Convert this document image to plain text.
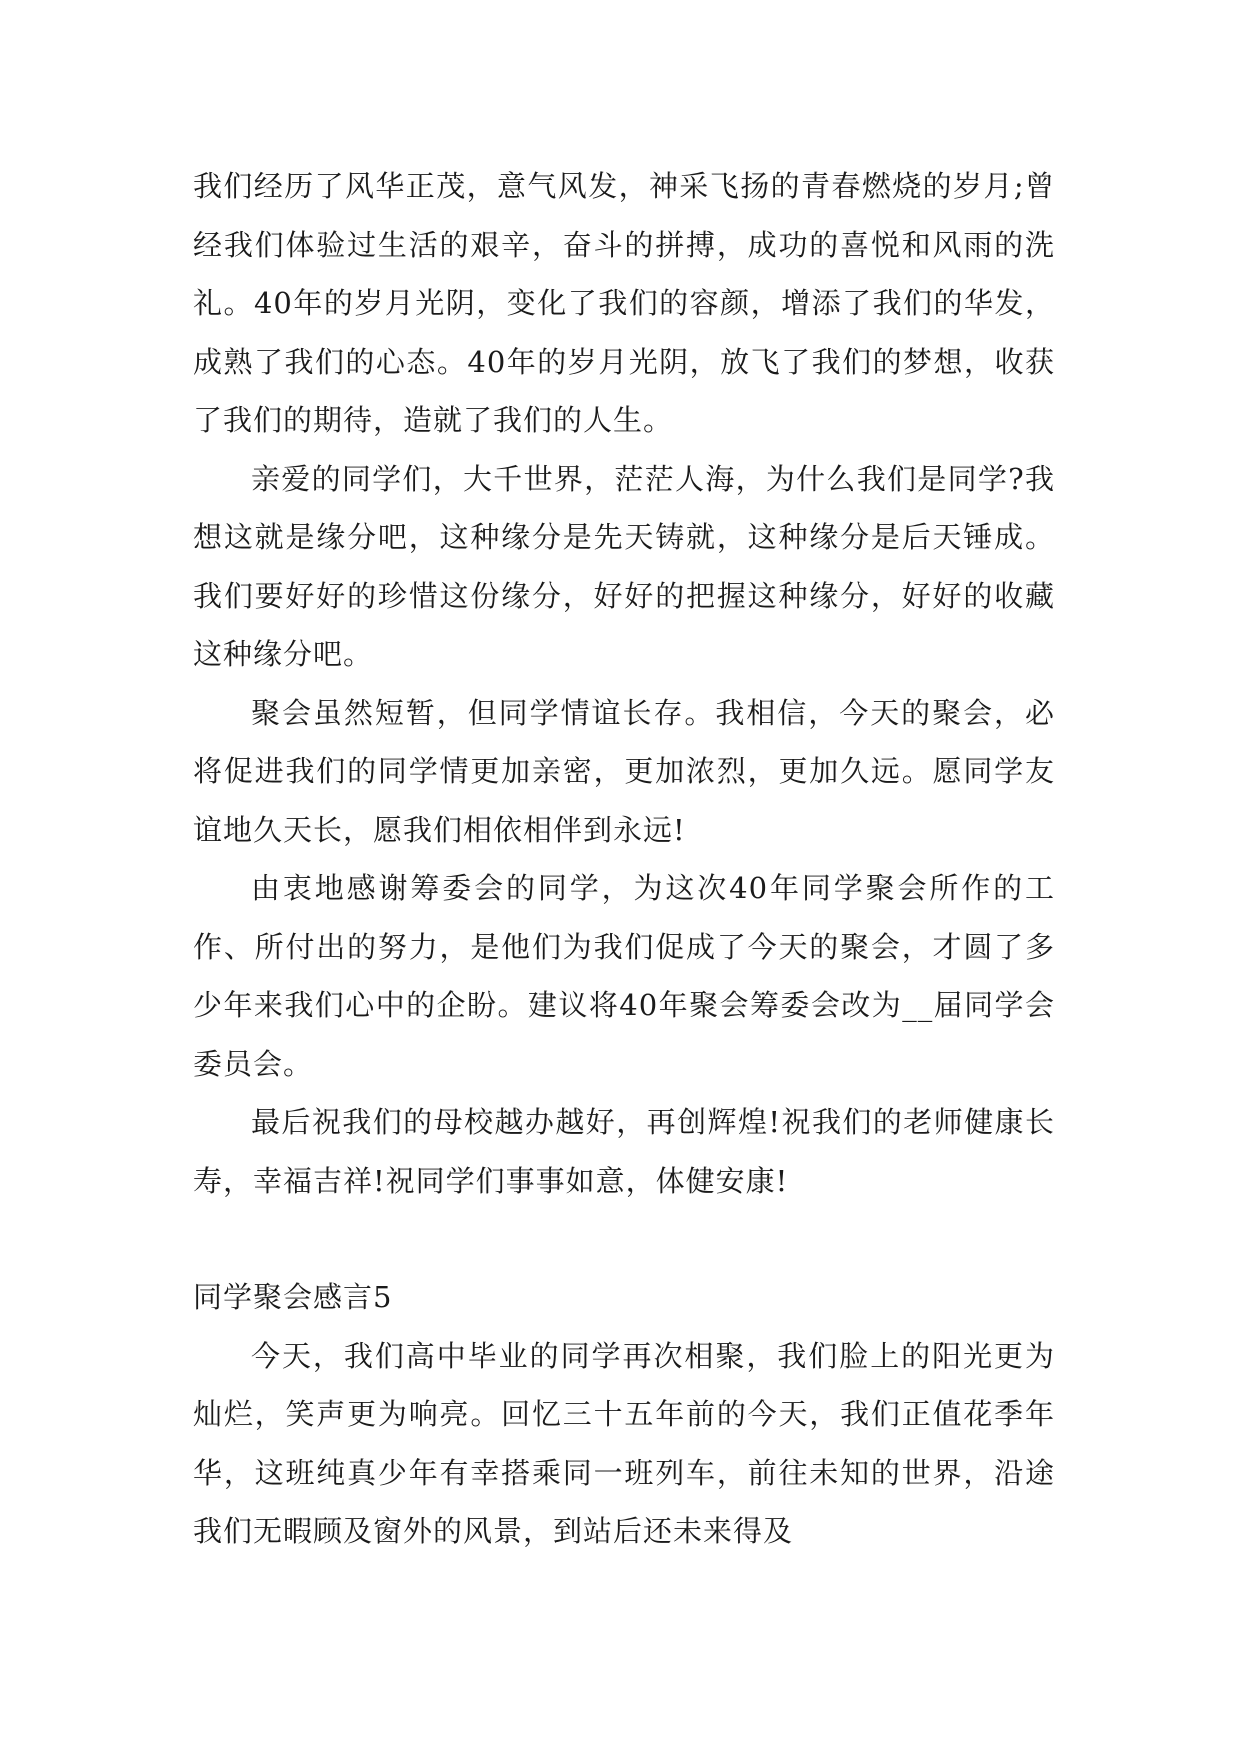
我们经历了风华正茂，意气风发，神采飞扬的青春燃烧的岁月;曾经我们体验过生活的艰辛，奋斗的拼搏，成功的喜悦和风雨的洗礼。40年的岁月光阴，变化了我们的容颜，增添了我们的华发，成熟了我们的心态。40年的岁月光阴，放飞了我们的梦想，收获了我们的期待，造就了我们的人生。

亲爱的同学们，大千世界，茫茫人海，为什么我们是同学?我想这就是缘分吧，这种缘分是先天铸就，这种缘分是后天锤成。我们要好好的珍惜这份缘分，好好的把握这种缘分，好好的收藏这种缘分吧。

聚会虽然短暂，但同学情谊长存。我相信，今天的聚会，必将促进我们的同学情更加亲密，更加浓烈，更加久远。愿同学友谊地久天长，愿我们相依相伴到永远!

由衷地感谢筹委会的同学，为这次40年同学聚会所作的工作、所付出的努力，是他们为我们促成了今天的聚会，才圆了多少年来我们心中的企盼。建议将40年聚会筹委会改为__届同学会委员会。

最后祝我们的母校越办越好，再创辉煌!祝我们的老师健康长寿，幸福吉祥!祝同学们事事如意，体健安康!

同学聚会感言5

今天，我们高中毕业的同学再次相聚，我们脸上的阳光更为灿烂，笑声更为响亮。回忆三十五年前的今天，我们正值花季年华，这班纯真少年有幸搭乘同一班列车，前往未知的世界，沿途我们无暇顾及窗外的风景，到站后还未来得及
